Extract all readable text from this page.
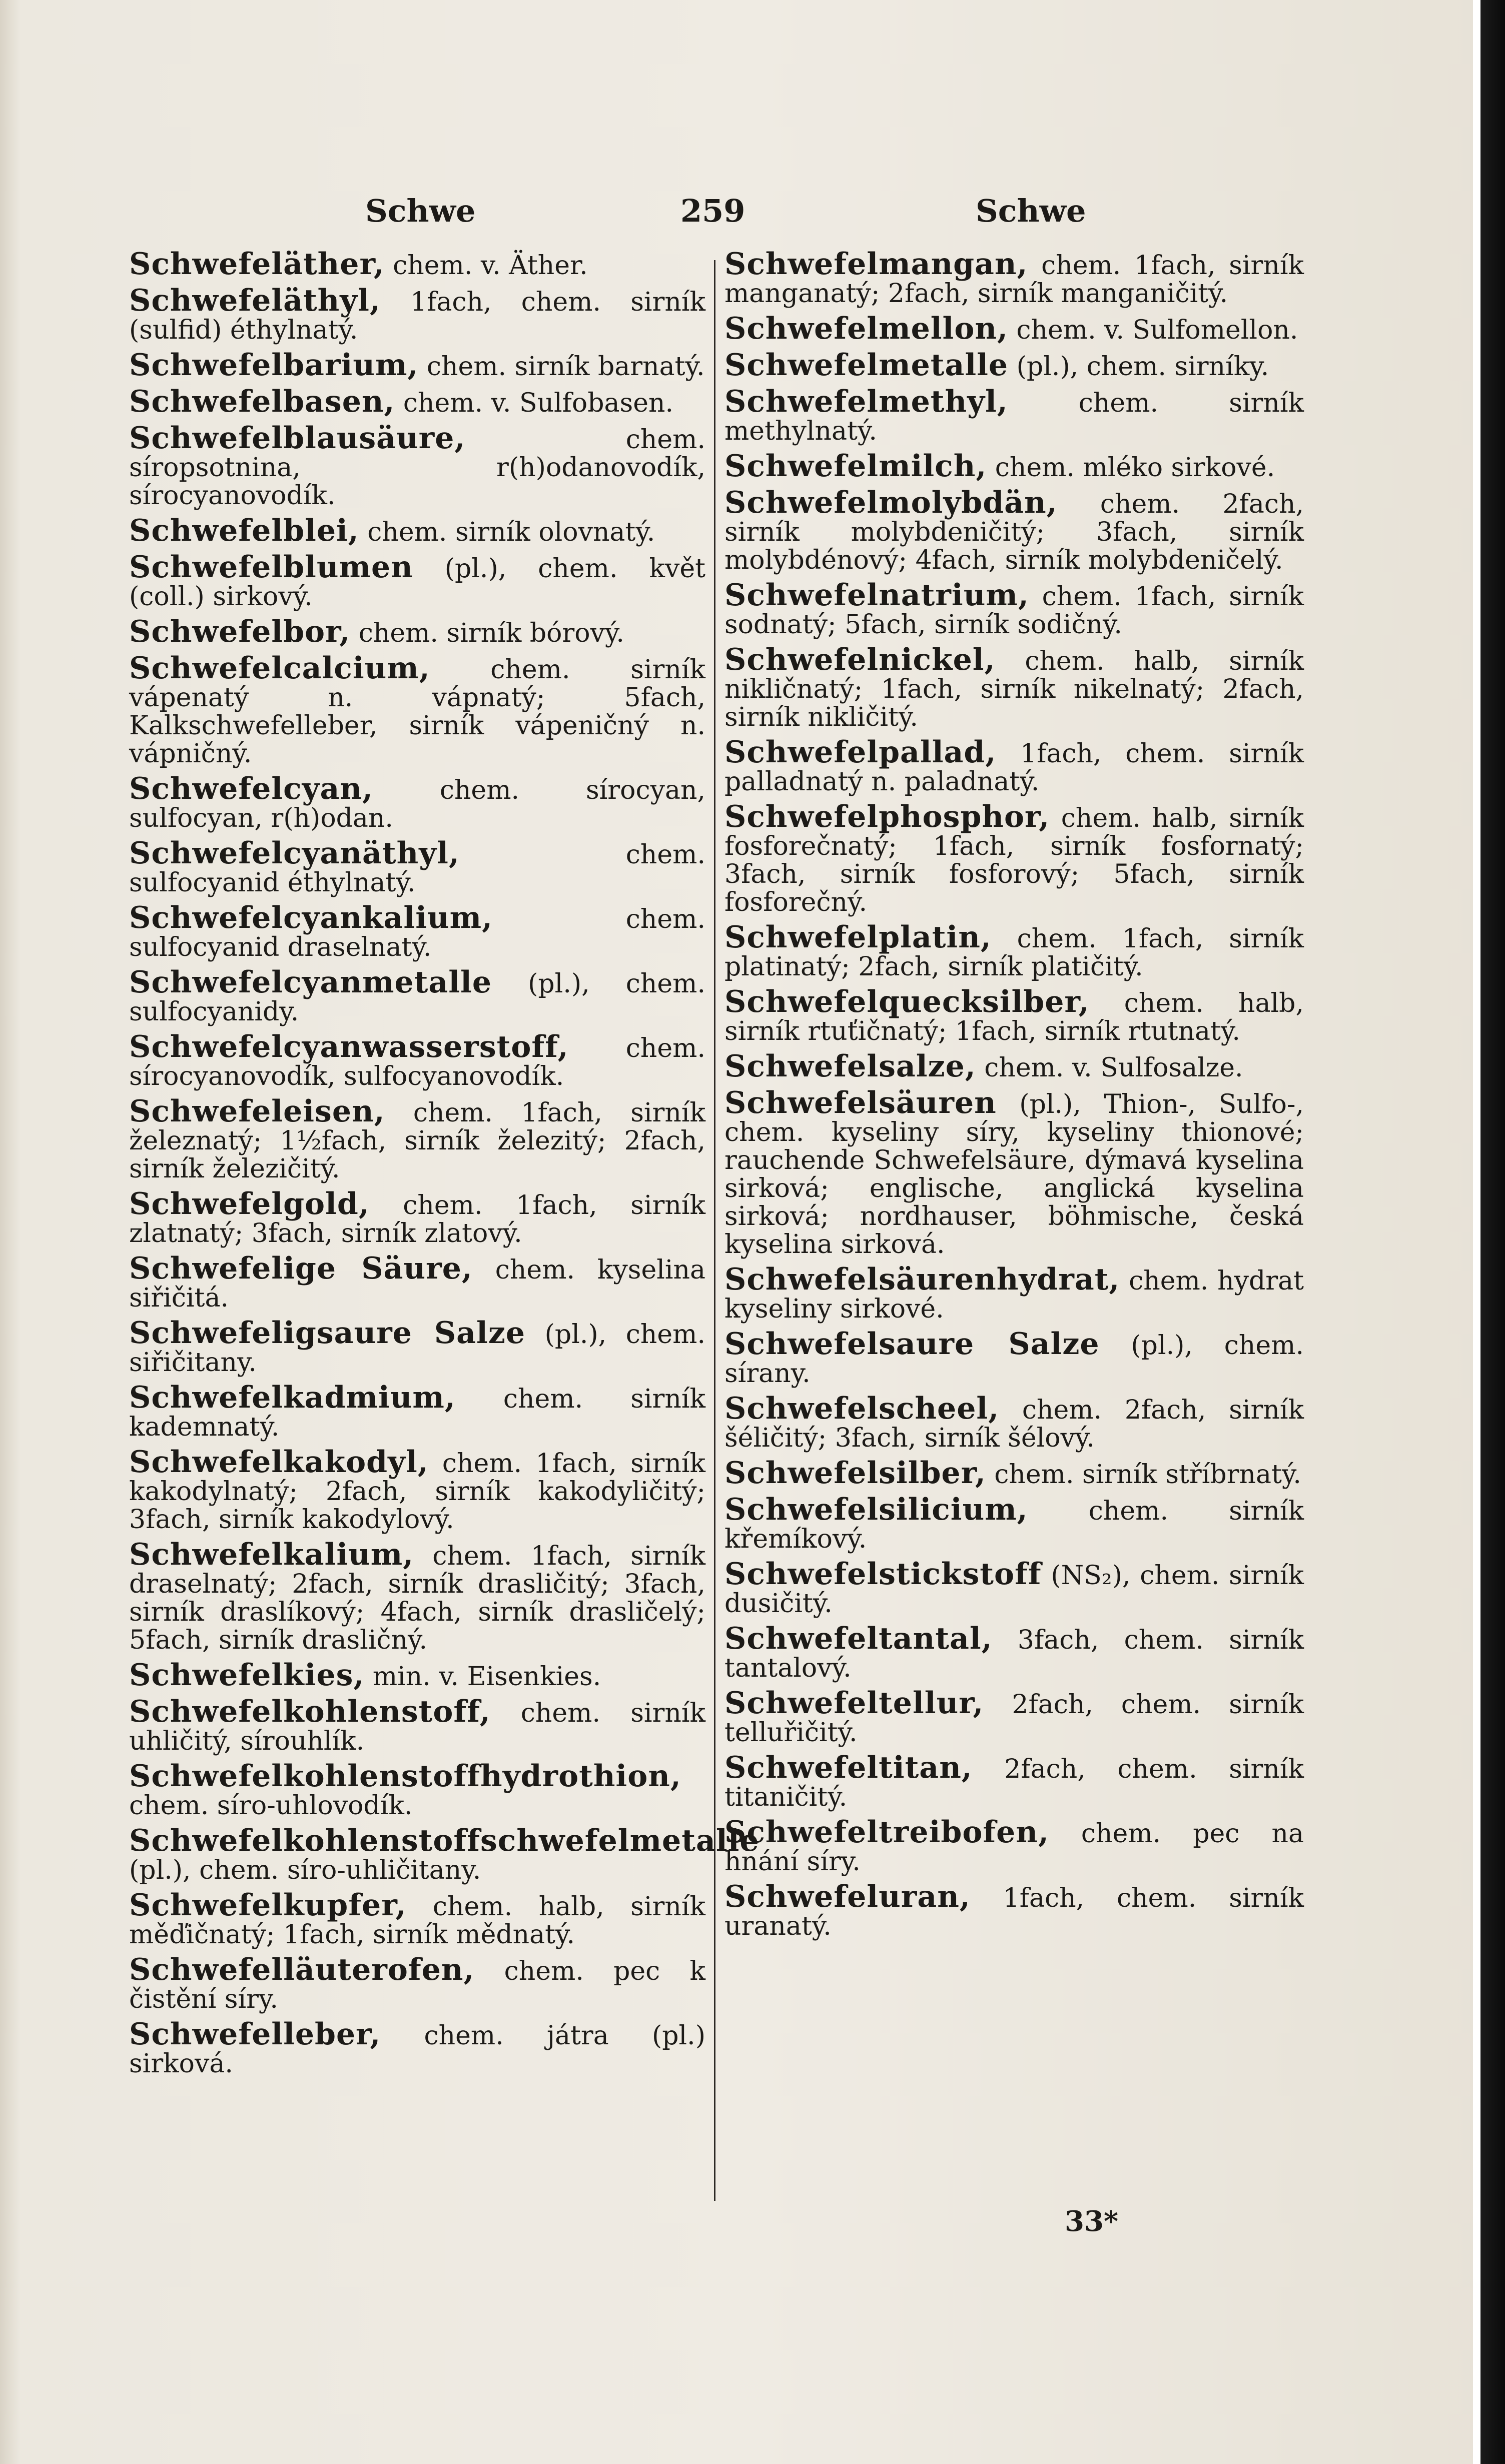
Schwe	259	Schwe
Schwefeläther, chem. v. Äther.
Schwefeläthyl, 1fach, chem. sirník (sulfid) éthylnatý.
Schwefelbarium, chem. sirník barnatý.
Schwefelbasen, chem. v. Sulfobasen.
Schwefelblausäure, chem. síropsotnina, r(h)odanovodík, sírocyanovodík.
Schwefelblei, chem. sirník olovnatý.
Schwefelblumen (pl.), chem. květ (coll.) sirkový.
Schwefelbor, chem. sirník bórový.
Schwefelcalcium, chem. sirník vápenatý n. vápnatý; 5fach, Kalkschwefelleber, sirník vápeničný n. vápničný.
Schwefelcyan, chem. sírocyan, sulfocyan, r(h)odan.
Schwefelcyanäthyl, chem. sulfocyanid éthylnatý.
Schwefelcyankalium, chem. sulfocyanid draselnatý.
Schwefelcyanmetalle (pl.), chem. sulfocyanidy.
Schwefelcyanwasserstoff, chem. sírocyanovodík, sulfocyanovodík.
Schwefeleisen, chem. 1fach, sirník železnatý; 1½fach, sirník železitý; 2fach, sirník železičitý.
Schwefelgold, chem. 1fach, sirník zlatnatý; 3fach, sirník zlatový.
Schwefelige Säure, chem. kyselina siřičitá.
Schwefeligsaure Salze (pl.), chem. siřičitany.
Schwefelkadmium, chem. sirník kademnatý.
Schwefelkakodyl, chem. 1fach, sirník kakodylnatý; 2fach, sirník kakodyličitý; 3fach, sirník kakodylový.
Schwefelkalium, chem. 1fach, sirník draselnatý; 2fach, sirník drasličitý; 3fach, sirník draslíkový; 4fach, sirník drasličelý; 5fach, sirník drasličný.
Schwefelkies, min. v. Eisenkies.
Schwefelkohlenstoff, chem. sirník uhličitý, sírouhlík.
Schwefelkohlenstoffhydrothion, chem. síro-uhlovodík.
Schwefelkohlenstoffschwefelmetalle (pl.), chem. síro-uhličitany.
Schwefelkupfer, chem. halb, sirník měďičnatý; 1fach, sirník mědnatý.
Schwefelläuterofen, chem. pec k čistění síry.
Schwefelleber, chem. játra (pl.) sirková.
Schwefelmangan, chem. 1fach, sirník manganatý; 2fach, sirník manganičitý.
Schwefelmellon, chem. v. Sulfomellon.
Schwefelmetalle (pl.), chem. sirníky.
Schwefelmethyl, chem. sirník methylnatý.
Schwefelmilch, chem. mléko sirkové.
Schwefelmolybdän, chem. 2fach, sirník molybdeničitý; 3fach, sirník molybdénový; 4fach, sirník molybdeničelý.
Schwefelnatrium, chem. 1fach, sirník sodnatý; 5fach, sirník sodičný.
Schwefelnickel, chem. halb, sirník nikličnatý; 1fach, sirník nikelnatý; 2fach, sirník nikličitý.
Schwefelpallad, 1fach, chem. sirník palladnatý n. paladnatý.
Schwefelphosphor, chem. halb, sirník fosforečnatý; 1fach, sirník fosfornatý; 3fach, sirník fosforový; 5fach, sirník fosforečný.
Schwefelplatin, chem. 1fach, sirník platinatý; 2fach, sirník platičitý.
Schwefelquecksilber, chem. halb, sirník rtuťičnatý; 1fach, sirník rtutnatý.
Schwefelsalze, chem. v. Sulfosalze.
Schwefelsäuren (pl.), Thion-, Sulfo-, chem. kyseliny síry, kyseliny thionové; rauchende Schwefelsäure, dýmavá kyselina sirková; englische, anglická kyselina sirková; nordhauser, böhmische, česká kyselina sirková.
Schwefelsäurenhydrat, chem. hydrat kyseliny sirkové.
Schwefelsaure Salze (pl.), chem. sírany.
Schwefelscheel, chem. 2fach, sirník šéličitý; 3fach, sirník šélový.
Schwefelsilber, chem. sirník stříbrnatý.
Schwefelsilicium, chem. sirník křemíkový.
Schwefelstickstoff (NS₂), chem. sirník dusičitý.
Schwefeltantal, 3fach, chem. sirník tantalový.
Schwefeltellur, 2fach, chem. sirník telluřičitý.
Schwefeltitan, 2fach, chem. sirník titaničitý.
Schwefeltreibofen, chem. pec na hnání síry.
Schwefeluran, 1fach, chem. sirník uranatý.
33*
